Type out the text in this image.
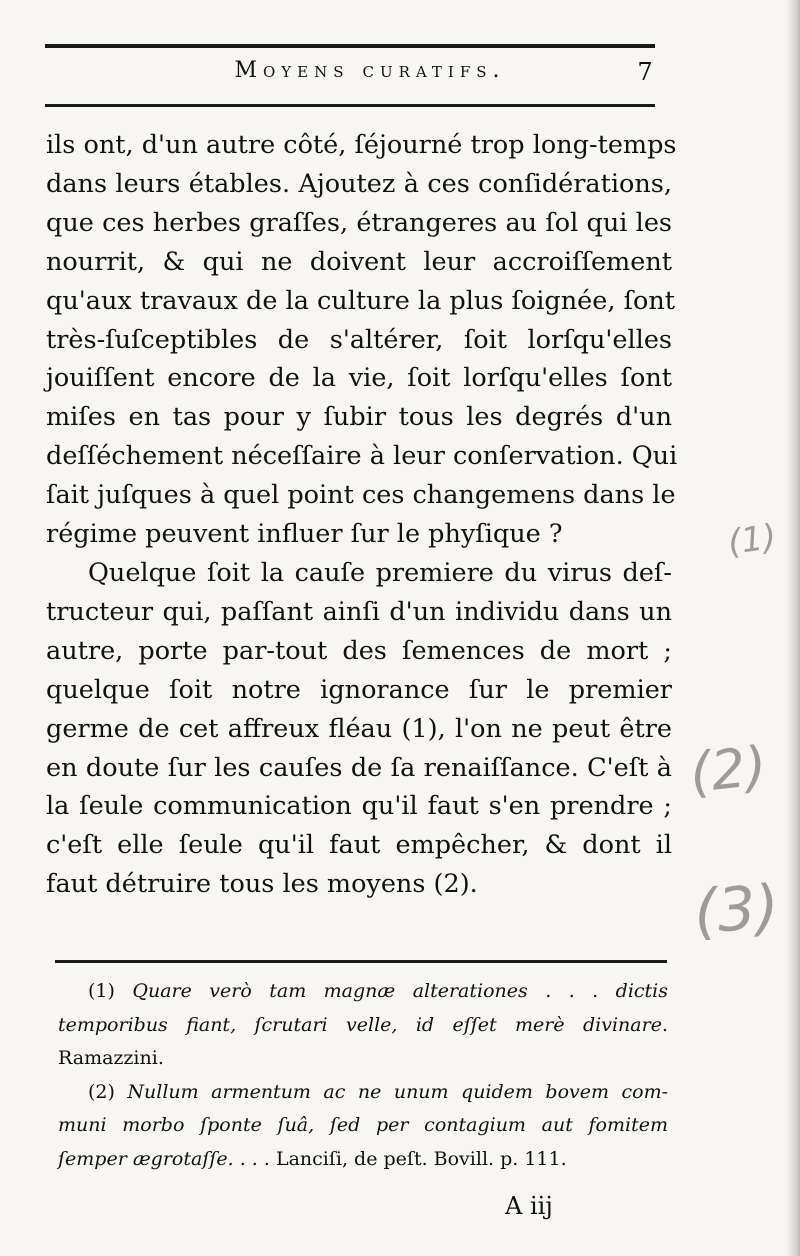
Moyens curatifs.	7
ils ont, d'un autre côté, ſéjourné trop long-temps
dans leurs étables. Ajoutez à ces conſidérations,
que ces herbes graſſes, étrangeres au ſol qui les
nourrit, & qui ne doivent leur accroiſſement
qu'aux travaux de la culture la plus ſoignée, ſont
très-ſuſceptibles de s'altérer, ſoit lorſqu'elles
jouiſſent encore de la vie, ſoit lorſqu'elles ſont
miſes en tas pour y ſubir tous les degrés d'un
deſſéchement néceſſaire à leur conſervation. Qui
ſait juſques à quel point ces changemens dans le
régime peuvent influer ſur le phyſique ?
Quelque ſoit la cauſe premiere du virus deſ-
tructeur qui, paſſant ainſi d'un individu dans un
autre, porte par-tout des ſemences de mort ;
quelque ſoit notre ignorance ſur le premier
germe de cet affreux fléau (1), l'on ne peut être
en doute ſur les cauſes de ſa renaiſſance. C'eſt à
la ſeule communication qu'il faut s'en prendre ;
c'eſt elle ſeule qu'il faut empêcher, & dont il
faut détruire tous les moyens (2).
(1) Quare verò tam magnæ alterationes . . . dictis
temporibus fiant, ſcrutari velle, id eſſet merè divinare.
Ramazzini.
(2) Nullum armentum ac ne unum quidem bovem com-
muni morbo ſponte ſuâ, ſed per contagium aut fomitem
ſemper ægrotaſſe. . . . Lanciſi, de peſt. Bovill. p. 111.
A iij
(1)
(2)
(3)
